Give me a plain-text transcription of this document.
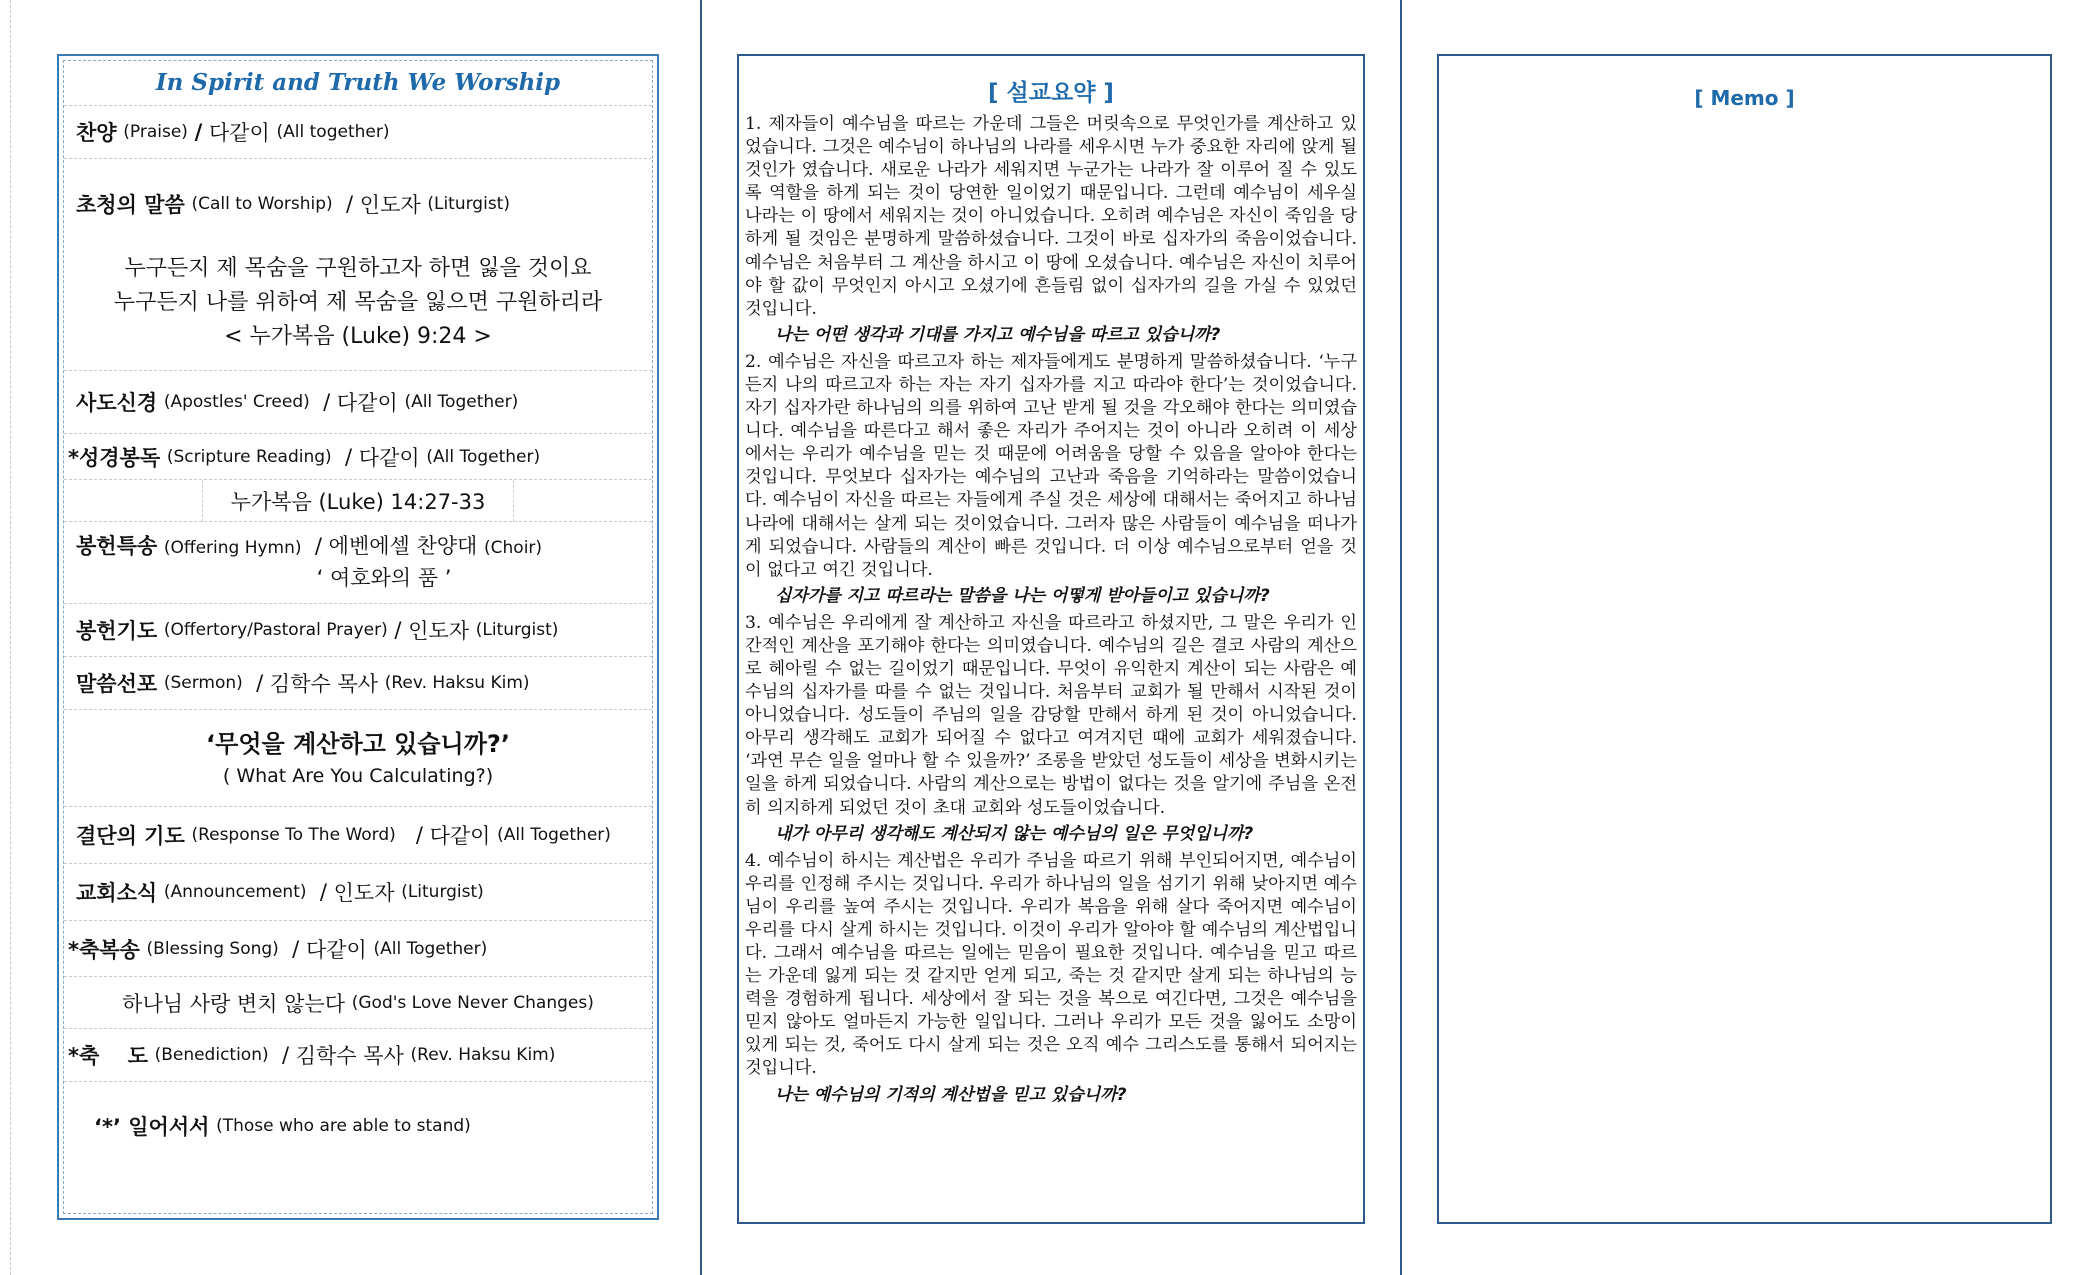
In Spirit and Truth We Worship
찬양
(Praise)
/
다같이
(All together)
초청의 말씀
(Call to Worship)
/
인도자
(Liturgist)
누구든지 제 목숨을 구원하고자 하면 잃을 것이요
누구든지 나를 위하여 제 목숨을 잃으면 구원하리라
< 누가복음 (Luke) 9:24 >
사도신경
(Apostles' Creed)
/
다같이
(All Together)
*성경봉독
(Scripture Reading)
/
다같이
(All Together)
누가복음 (Luke) 14:27-33
봉헌특송 (Offering Hymn) / 에벤에셀 찬양대 (Choir)
‘ 여호와의 품 ’
봉헌기도
(Offertory/Pastoral Prayer)
/
인도자
(Liturgist)
말씀선포
(Sermon)
/
김학수 목사
(Rev. Haksu Kim)
‘무엇을 계산하고 있습니까?’
( What Are You Calculating?)
결단의 기도
(Response To The Word)
/
다같이
(All Together)
교회소식
(Announcement)
/
인도자
(Liturgist)
*축복송
(Blessing Song)
/
다같이
(All Together)
하나님 사랑 변치 않는다
(God's Love Never Changes)
*축　 도
(Benediction)
/
김학수 목사
(Rev. Haksu Kim)
‘*’ 일어서서
(Those who are able to stand)
[ 설교요약 ]

1. 제자들이 예수님을 따르는 가운데 그들은 머릿속으로 무엇인가를 계산하고 있었습니다. 그것은 예수님이 하나님의 나라를 세우시면 누가 중요한 자리에 앉게 될 것인가 였습니다. 새로운 나라가 세워지면 누군가는 나라가 잘 이루어 질 수 있도록 역할을 하게 되는 것이 당연한 일이었기 때문입니다. 그런데 예수님이 세우실 나라는 이 땅에서 세워지는 것이 아니었습니다. 오히려 예수님은 자신이 죽임을 당하게 될 것임은 분명하게 말씀하셨습니다. 그것이 바로 십자가의 죽음이었습니다. 예수님은 처음부터 그 계산을 하시고 이 땅에 오셨습니다. 예수님은 자신이 치루어야 할 값이 무엇인지 아시고 오셨기에 흔들림 없이 십자가의 길을 가실 수 있었던 것입니다.

나는 어떤 생각과 기대를 가지고 예수님을 따르고 있습니까?

2. 예수님은 자신을 따르고자 하는 제자들에게도 분명하게 말씀하셨습니다. ‘누구든지 나의 따르고자 하는 자는 자기 십자가를 지고 따라야 한다’는 것이었습니다. 자기 십자가란 하나님의 의를 위하여 고난 받게 될 것을 각오해야 한다는 의미였습니다. 예수님을 따른다고 해서 좋은 자리가 주어지는 것이 아니라 오히려 이 세상에서는 우리가 예수님을 믿는 것 때문에 어려움을 당할 수 있음을 알아야 한다는 것입니다. 무엇보다 십자가는 예수님의 고난과 죽음을 기억하라는 말씀이었습니다. 예수님이 자신을 따르는 자들에게 주실 것은 세상에 대해서는 죽어지고 하나님 나라에 대해서는 살게 되는 것이었습니다. 그러자 많은 사람들이 예수님을 떠나가게 되었습니다. 사람들의 계산이 빠른 것입니다. 더 이상 예수님으로부터 얻을 것이 없다고 여긴 것입니다.

십자가를 지고 따르라는 말씀을 나는 어떻게 받아들이고 있습니까?

3. 예수님은 우리에게 잘 계산하고 자신을 따르라고 하셨지만, 그 말은 우리가 인간적인 계산을 포기해야 한다는 의미였습니다. 예수님의 길은 결코 사람의 계산으로 헤아릴 수 없는 길이었기 때문입니다. 무엇이 유익한지 계산이 되는 사람은 예수님의 십자가를 따를 수 없는 것입니다. 처음부터 교회가 될 만해서 시작된 것이 아니었습니다. 성도들이 주님의 일을 감당할 만해서 하게 된 것이 아니었습니다. 아무리 생각해도 교회가 되어질 수 없다고 여겨지던 때에 교회가 세워졌습니다. ‘과연 무슨 일을 얼마나 할 수 있을까?’ 조롱을 받았던 성도들이 세상을 변화시키는 일을 하게 되었습니다. 사람의 계산으로는 방법이 없다는 것을 알기에 주님을 온전히 의지하게 되었던 것이 초대 교회와 성도들이었습니다.

내가 아무리 생각해도 계산되지 않는 예수님의 일은 무엇입니까?

4. 예수님이 하시는 계산법은 우리가 주님을 따르기 위해 부인되어지면, 예수님이 우리를 인정해 주시는 것입니다. 우리가 하나님의 일을 섬기기 위해 낮아지면 예수님이 우리를 높여 주시는 것입니다. 우리가 복음을 위해 살다 죽어지면 예수님이 우리를 다시 살게 하시는 것입니다. 이것이 우리가 알아야 할 예수님의 계산법입니다. 그래서 예수님을 따르는 일에는 믿음이 필요한 것입니다. 예수님을 믿고 따르는 가운데 잃게 되는 것 같지만 얻게 되고, 죽는 것 같지만 살게 되는 하나님의 능력을 경험하게 됩니다. 세상에서 잘 되는 것을 복으로 여긴다면, 그것은 예수님을 믿지 않아도 얼마든지 가능한 일입니다. 그러나 우리가 모든 것을 잃어도 소망이 있게 되는 것, 죽어도 다시 살게 되는 것은 오직 예수 그리스도를 통해서 되어지는 것입니다.

나는 예수님의 기적의 계산법을 믿고 있습니까?
[ Memo ]
